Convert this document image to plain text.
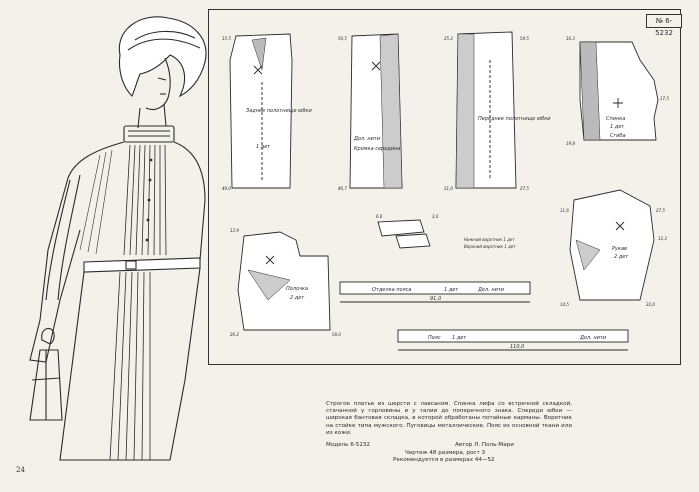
№ 6-5232
Заднее полотнище юбки
1 дет
Дол. нити
Кромка середина
Переднее полотнище юбки	Спинка
1 дет
Сгиба
Полочка
2 дет
Рукав
2 дет
Нижний воротник 1 дет
Верхний воротник 1 дет
Отделка пояса	1 дет	Дол. нити
Пояс 1 дет	Дол. нити
91,0
110,0
15,5
49,0
50,5
40,7
25,2
21,0
54,5
27,5
10,3
17,5
19,8
13,9
26,2
6,6
58,0
3,0
11,6	27,5
14,5	22,0
12,3
Строгое платье из шерсти с лавсаном. Спинка лифа со встречной складкой, стачанной у горловины и у талии до поперечного знака. Спереди юбки — широкая бантовая складка, в которой обработаны потайные карманы. Воротник на стойке типа мужского. Пуговицы металлические. Пояс из основной ткани или из кожи.
Модель 6-5232	Автор Л. Поль-Мари
Чертеж 48 размера, рост 3
Рекомендуется в размерах 44—52
24
